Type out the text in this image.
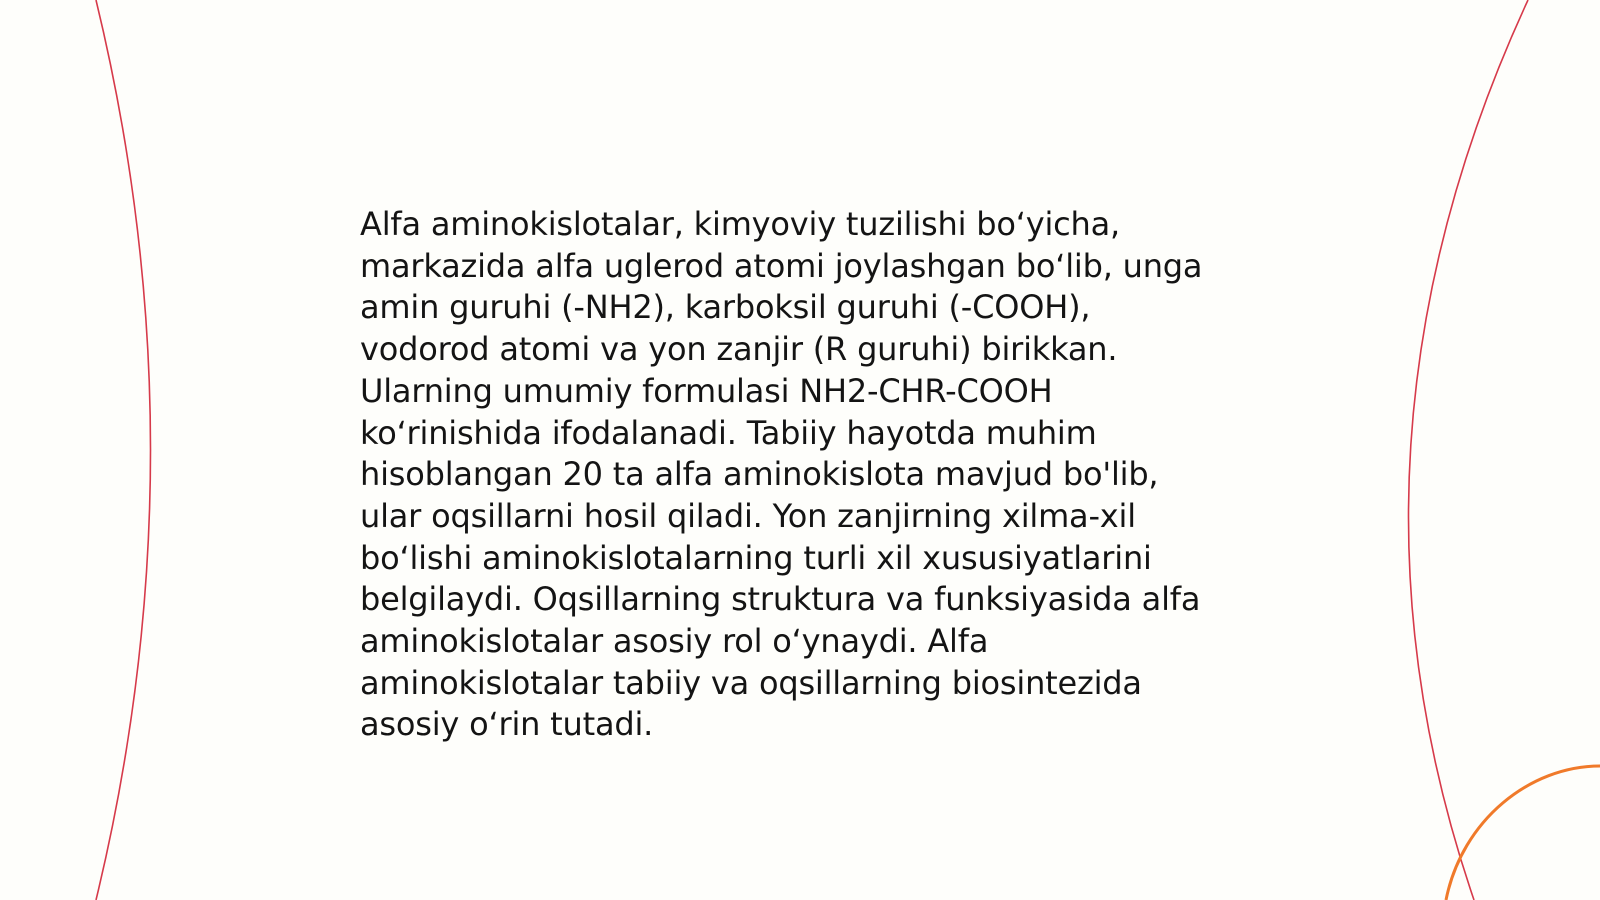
Alfa aminokislotalar, kimyoviy tuzilishi bo‘yicha,
markazida alfa uglerod atomi joylashgan bo‘lib, unga
amin guruhi (-NH2), karboksil guruhi (-COOH),
vodorod atomi va yon zanjir (R guruhi) birikkan.
Ularning umumiy formulasi NH2-CHR-COOH
ko‘rinishida ifodalanadi. Tabiiy hayotda muhim
hisoblangan 20 ta alfa aminokislota mavjud bo'lib,
ular oqsillarni hosil qiladi. Yon zanjirning xilma-xil
bo‘lishi aminokislotalarning turli xil xususiyatlarini
belgilaydi. Oqsillarning struktura va funksiyasida alfa
aminokislotalar asosiy rol o‘ynaydi. Alfa
aminokislotalar tabiiy va oqsillarning biosintezida
asosiy o‘rin tutadi.
